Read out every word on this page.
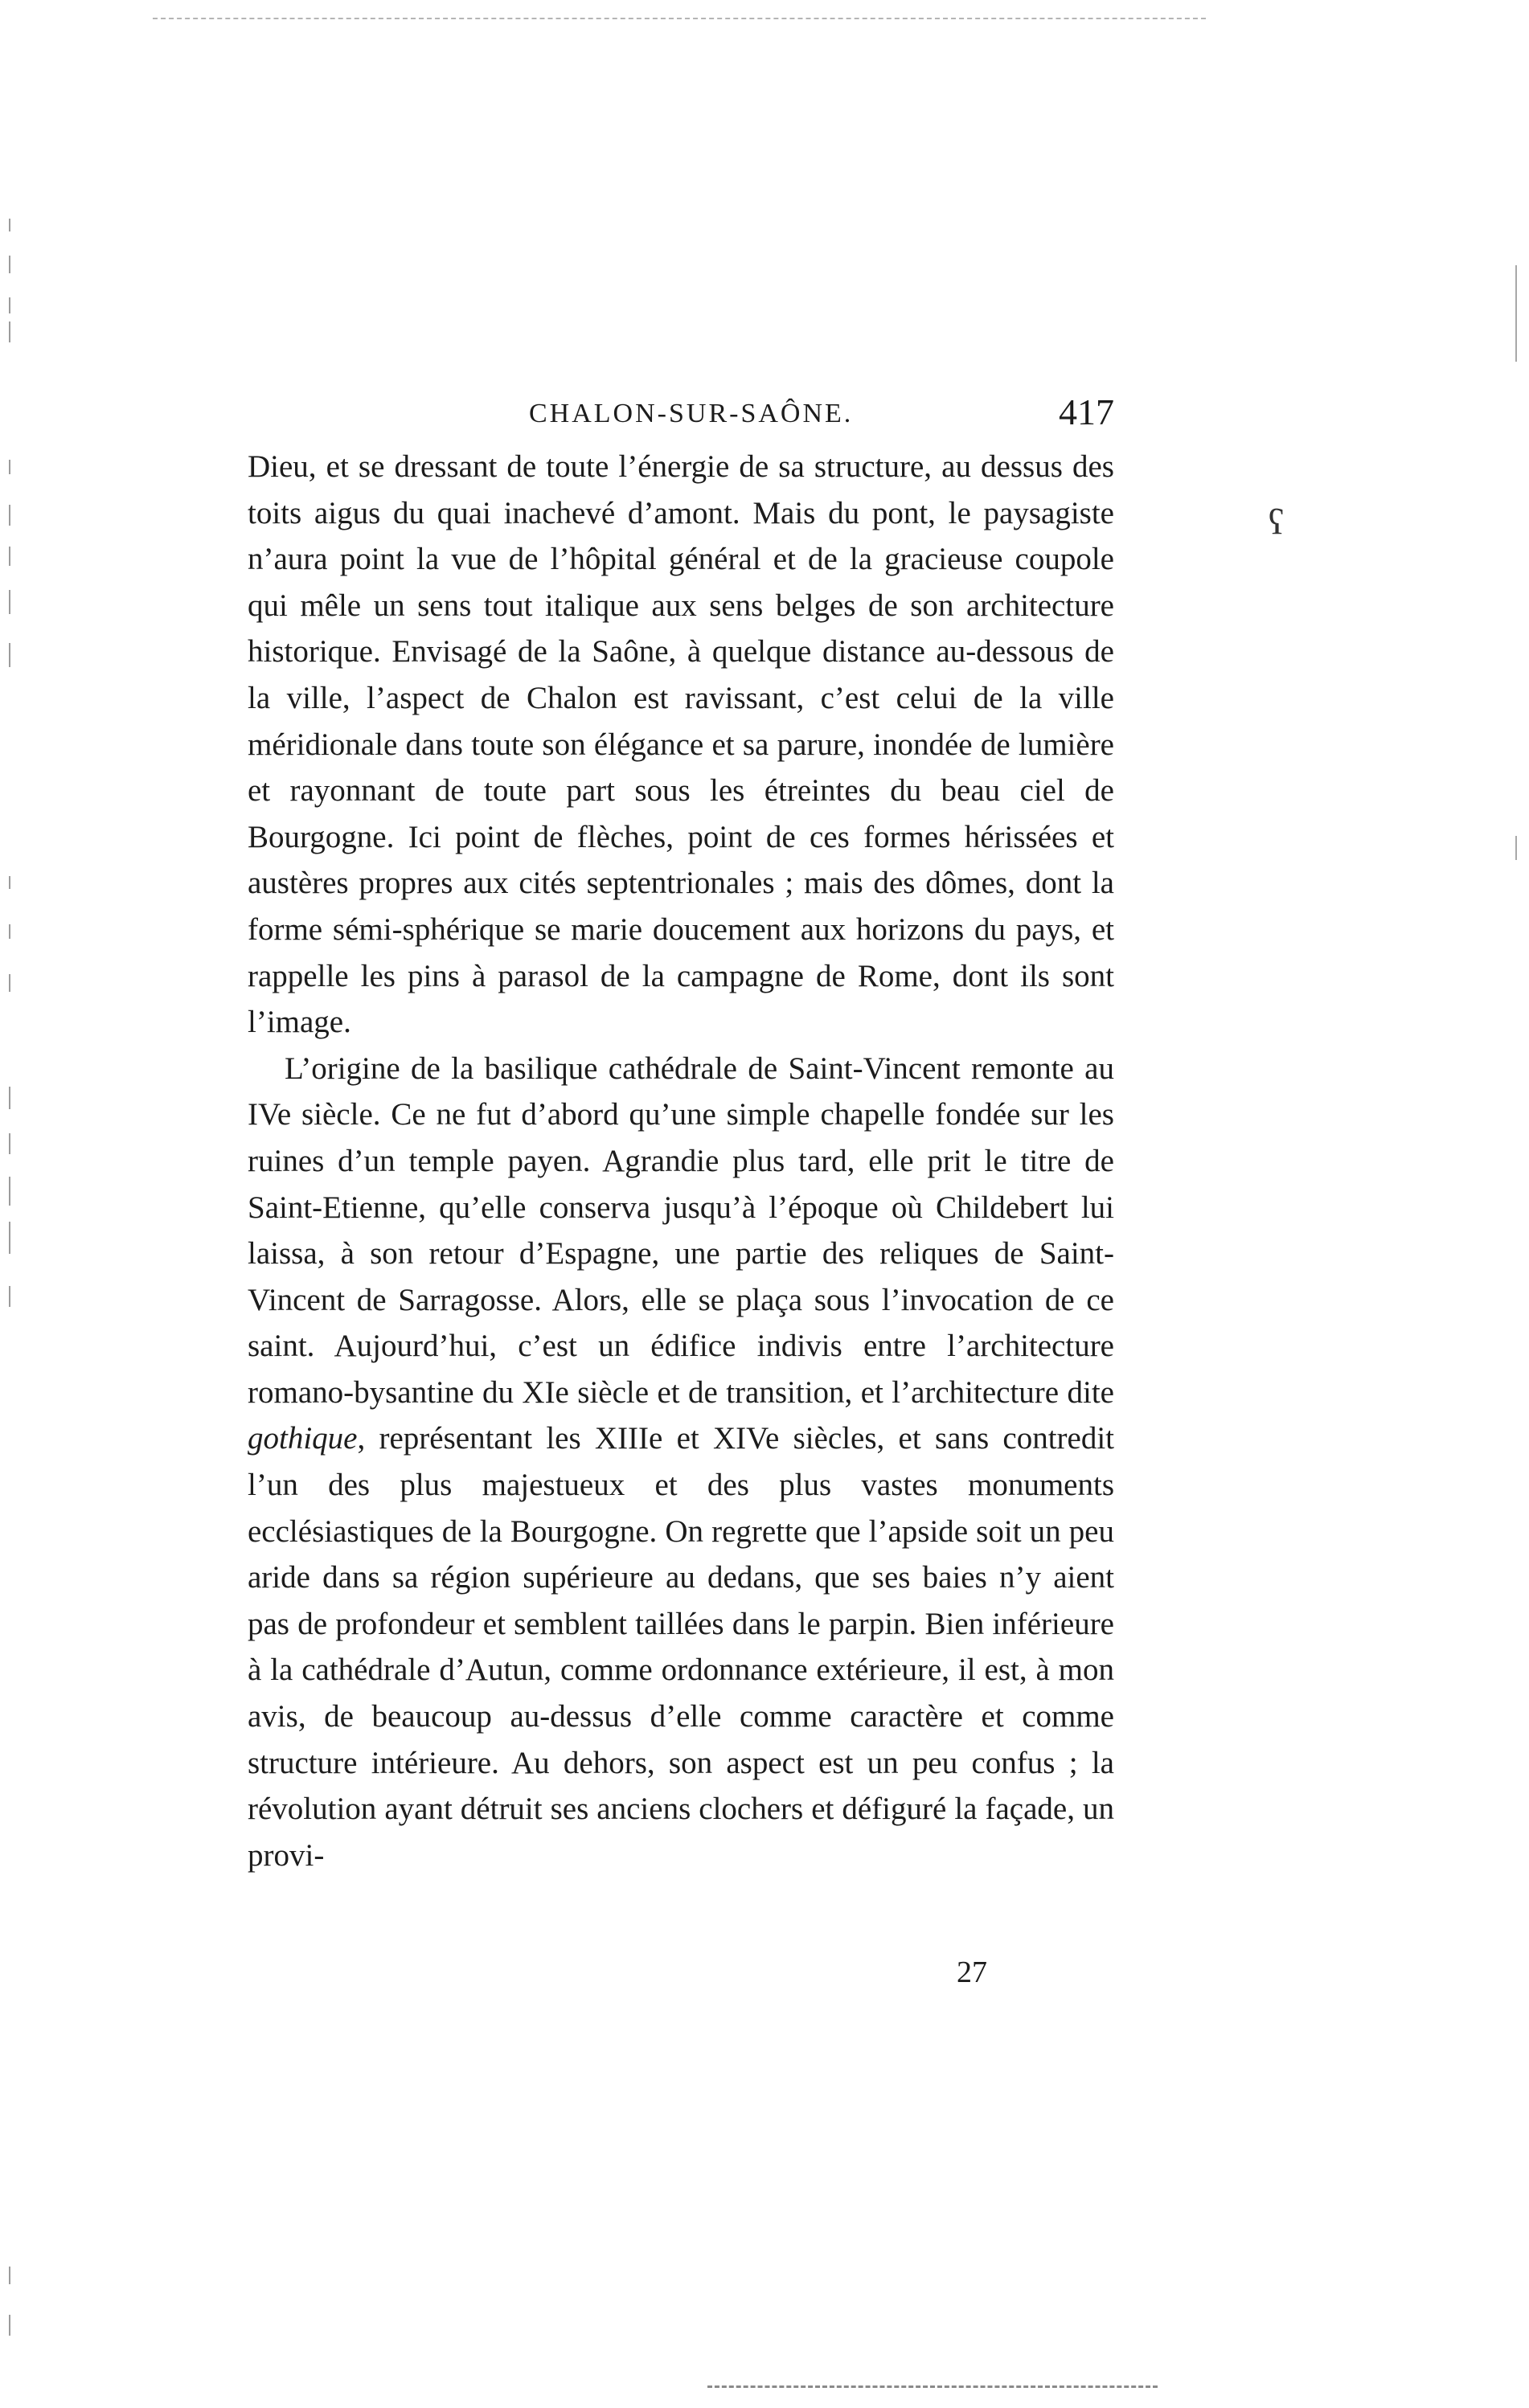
ʕ
CHALON-SUR-SAÔNE.	417

Dieu, et se dressant de toute l’énergie de sa structure, au dessus des toits aigus du quai inachevé d’amont. Mais du pont, le paysagiste n’aura point la vue de l’hôpital général et de la gracieuse coupole qui mêle un sens tout italique aux sens belges de son architecture historique. Envisagé de la Saône, à quelque distance au-dessous de la ville, l’aspect de Chalon est ravissant, c’est celui de la ville méridionale dans toute son élégance et sa parure, inondée de lumière et rayonnant de toute part sous les étreintes du beau ciel de Bourgogne. Ici point de flèches, point de ces formes hérissées et austères propres aux cités septentrionales ; mais des dômes, dont la forme sémi-sphérique se marie doucement aux horizons du pays, et rappelle les pins à parasol de la campagne de Rome, dont ils sont l’image.

L’origine de la basilique cathédrale de Saint-Vincent remonte au IVe siècle. Ce ne fut d’abord qu’une simple chapelle fondée sur les ruines d’un temple payen. Agrandie plus tard, elle prit le titre de Saint-Etienne, qu’elle conserva jusqu’à l’époque où Childebert lui laissa, à son retour d’Espagne, une partie des reliques de Saint-Vincent de Sarragosse. Alors, elle se plaça sous l’invocation de ce saint. Aujourd’hui, c’est un édifice indivis entre l’architecture romano-bysantine du XIe siècle et de transition, et l’architecture dite gothique, représentant les XIIIe et XIVe siècles, et sans contredit l’un des plus majestueux et des plus vastes monuments ecclésiastiques de la Bourgogne. On regrette que l’apside soit un peu aride dans sa région supérieure au dedans, que ses baies n’y aient pas de profondeur et semblent taillées dans le parpin. Bien inférieure à la cathédrale d’Autun, comme ordonnance extérieure, il est, à mon avis, de beaucoup au-dessus d’elle comme caractère et comme structure intérieure. Au dehors, son aspect est un peu confus ; la révolution ayant détruit ses anciens clochers et défiguré la façade, un provi-

27
